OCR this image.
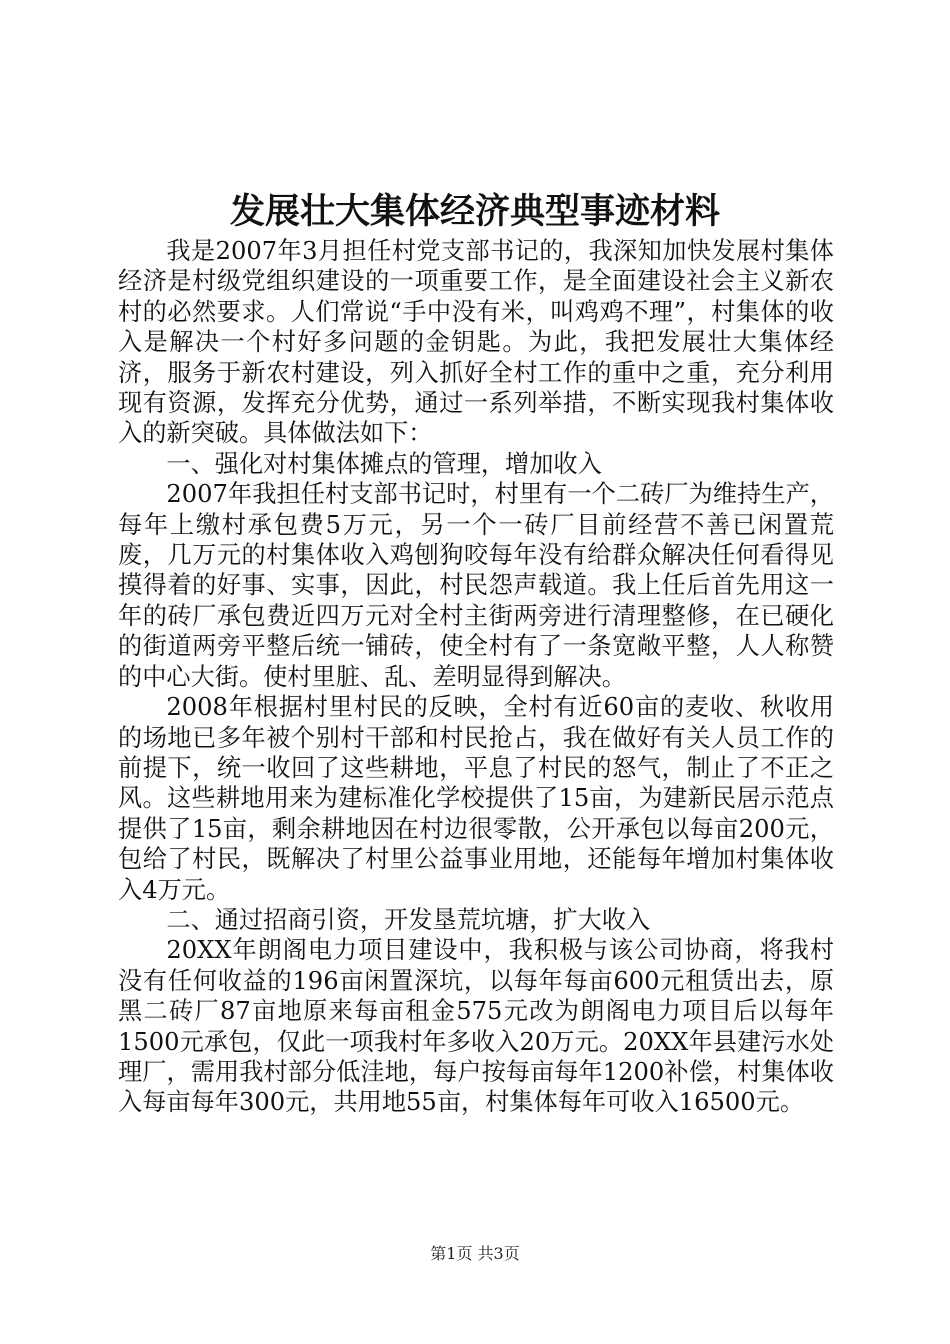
发展壮大集体经济典型事迹材料

我是2007年3月担任村党支部书记的，我深知加快发展村集体经济是村级党组织建设的一项重要工作，是全面建设社会主义新农村的必然要求。人们常说“手中没有米，叫鸡鸡不理”，村集体的收入是解决一个村好多问题的金钥匙。为此，我把发展壮大集体经济，服务于新农村建设，列入抓好全村工作的重中之重，充分利用现有资源，发挥充分优势，通过一系列举措，不断实现我村集体收入的新突破。具体做法如下：

一、强化对村集体摊点的管理，增加收入

2007年我担任村支部书记时，村里有一个二砖厂为维持生产，每年上缴村承包费5万元，另一个一砖厂目前经营不善已闲置荒废，几万元的村集体收入鸡刨狗咬每年没有给群众解决任何看得见摸得着的好事、实事，因此，村民怨声载道。我上任后首先用这一年的砖厂承包费近四万元对全村主街两旁进行清理整修，在已硬化的街道两旁平整后统一铺砖，使全村有了一条宽敞平整，人人称赞的中心大街。使村里脏、乱、差明显得到解决。

2008年根据村里村民的反映，全村有近60亩的麦收、秋收用的场地已多年被个别村干部和村民抢占，我在做好有关人员工作的前提下，统一收回了这些耕地，平息了村民的怒气，制止了不正之风。这些耕地用来为建标准化学校提供了15亩，为建新民居示范点提供了15亩，剩余耕地因在村边很零散，公开承包以每亩200元，包给了村民，既解决了村里公益事业用地，还能每年增加村集体收入4万元。

二、通过招商引资，开发垦荒坑塘，扩大收入

20XX年朗阁电力项目建设中，我积极与该公司协商，将我村没有任何收益的196亩闲置深坑，以每年每亩600元租赁出去，原黑二砖厂87亩地原来每亩租金575元改为朗阁电力项目后以每年1500元承包，仅此一项我村年多收入20万元。20XX年县建污水处理厂，需用我村部分低洼地，每户按每亩每年1200补偿，村集体收入每亩每年300元，共用地55亩，村集体每年可收入16500元。

第1页 共3页
